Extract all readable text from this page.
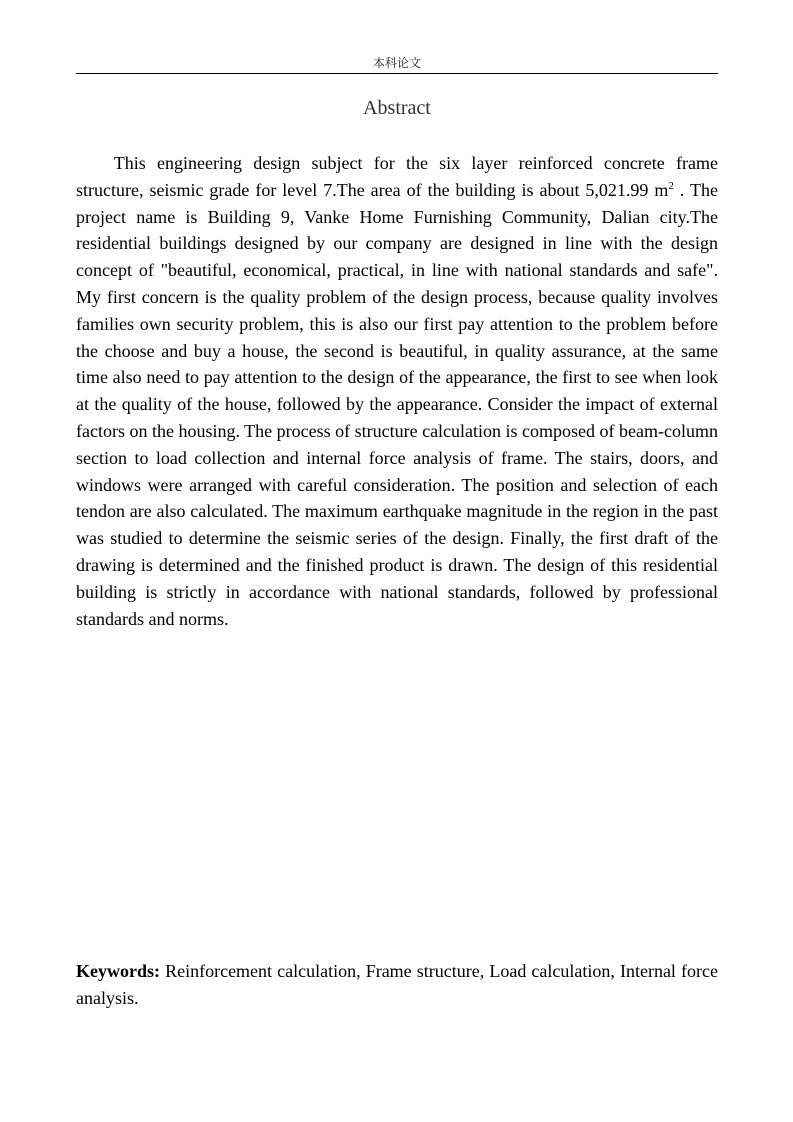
本科论文
Abstract

This engineering design subject for the six layer reinforced concrete frame structure, seismic grade for level 7.The area of the building is about 5,021.99 $m^2$ . The project name is Building 9, Vanke Home Furnishing Community, Dalian city.The residential buildings designed by our company are designed in line with the design concept of "beautiful, economical, practical, in line with national standards and safe". My first concern is the quality problem of the design process, because quality involves families own security problem, this is also our first pay attention to the problem before the choose and buy a house, the second is beautiful, in quality assurance, at the same time also need to pay attention to the design of the appearance, the first to see when look at the quality of the house, followed by the appearance. Consider the impact of external factors on the housing. The process of structure calculation is composed of beam-column section to load collection and internal force analysis of frame. The stairs, doors, and windows were arranged with careful consideration. The position and selection of each tendon are also calculated. The maximum earthquake magnitude in the region in the past was studied to determine the seismic series of the design. Finally, the first draft of the drawing is determined and the finished product is drawn. The design of this residential building is strictly in accordance with national standards, followed by professional standards and norms.

Keywords: Reinforcement calculation, Frame structure, Load calculation, Internal force analysis.
